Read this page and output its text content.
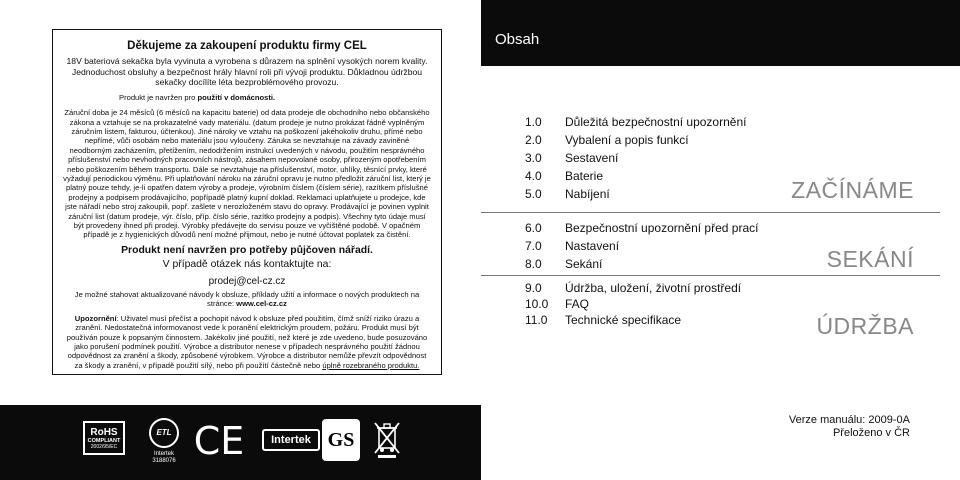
Děkujeme za zakoupení produktu firmy CEL
18V bateriová sekačka byla vyvinuta a vyrobena s důrazem na splnění vysokých norem kvality. Jednoduchost obsluhy a bezpečnost hrály hlavní roli při vývoji produktu. Důkladnou údržbou sekačky docílíte léta bezproblémového provozu.
Produkt je navržen pro použití v domácnosti.
Záruční doba je 24 měsíců (6 měsíců na kapacitu baterie) od data prodeje dle obchodního nebo občanského zákona a vztahuje se na prokazatelné vady materiálu. (datum prodeje je nutno prokázat řádně vyplněným záručním listem, fakturou, účtenkou). Jiné nároky ve vztahu na poškození jakéhokoliv druhu, přímé nebo nepřímé, vůči osobám nebo materiálu jsou vyloučeny. Záruka se nevztahuje na závady zaviněné neodborným zacházením, přetížením, nedodržením instrukcí uvedených v návodu, použitím nesprávného příslušenství nebo nevhodných pracovních nástrojů, zásahem nepovolané osoby, přirozeným opotřebením nebo poškozením během transportu. Dále se nevztahuje na příslušenství, motor, uhlíky, těsnící prvky, které vyžadují periodickou výměnu. Při uplatňování nároku na záruční opravu je nutno předložit záruční list, který je platný pouze tehdy, je-li opatřen datem výroby a prodeje, výrobním číslem (číslem série), razítkem příslušné prodejny a podpisem prodávajícího, popřípadě platný kupní doklad. Reklamaci uplatňujete u prodejce, kde jste nářadí nebo stroj zakoupili, popř. zašlete v nerozloženém stavu do opravy. Prodávající je povinen vyplnit záruční list (datum prodeje, výr. číslo, příp. číslo série, razítko prodejny a podpis). Všechny tyto údaje musí být provedeny ihned při prodeji. Výrobky předávejte do servisu pouze ve vyčištěné podobě. V opačném případě je z hygienických důvodů není možné přijmout, nebo je nutné účtovat poplatek za čistění.
Produkt není navržen pro potřeby půjčoven nářadí.
V případě otázek nás kontaktujte na:
prodej@cel-cz.cz
Je možné stahovat aktualizované návody k obsluze, příklady užití a informace o nových produktech na stránce: www.cel-cz.cz
Upozornění: Uživatel musí přečíst a pochopit návod k obsluze před použitím, čímž sníží riziko úrazu a zranění. Nedostatečná informovanost vede k poranění elektrickým proudem, požáru. Produkt musí být používán pouze k popsaným činnostem. Jakékoliv jiné použití, než které je zde uvedeno, bude posuzováno jako porušení podmínek použití. Výrobce a distributor nenese v případech nesprávného použití žádnou odpovědnost za zranění a škody, způsobené výrobkem. Výrobce a distributor nemůže převzít odpovědnost za škody a zranění, v případě použití sílý, nebo při použítí částečně nebo úplně rozebraného produktu.
RoHS
COMPLIANT
2002/95/EC
ETL
Intertek
3188076 CE	Intertek GS
Obsah
1.0	Důležitá bezpečnostní upozornění
2.0	Vybalení a popis funkcí
3.0	Sestavení
4.0	Baterie
5.0	Nabíjení
6.0	Bezpečnostní upozornění před prací
7.0	Nastavení
8.0	Sekání
9.0	Údržba, uložení, životní prostředí
10.0	FAQ
11.0	Technické specifikace
ZAČÍNÁME
SEKÁNÍ
ÚDRŽBA
Verze manuálu: 2009-0A
Přeloženo v ČR
